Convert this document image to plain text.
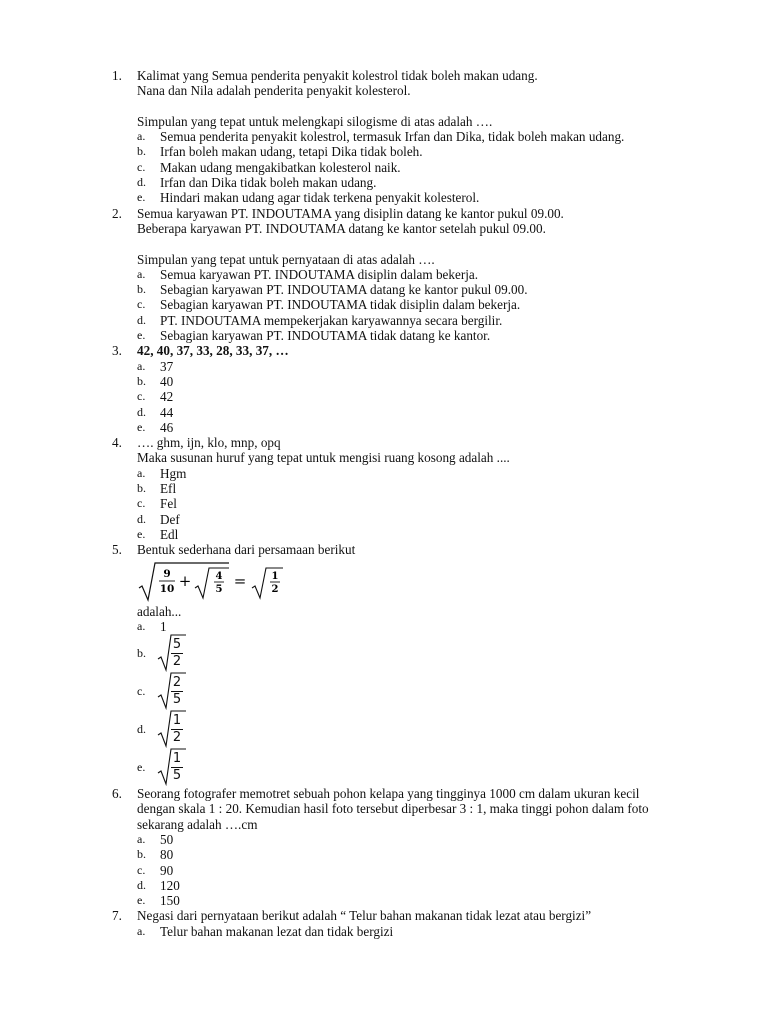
1. Kalimat yang Semua penderita penyakit kolestrol tidak boleh makan udang.
Nana dan Nila adalah penderita penyakit kolesterol.
Simpulan yang tepat untuk melengkapi silogisme di atas adalah ….
a. Semua penderita penyakit kolestrol, termasuk Irfan dan Dika, tidak boleh makan udang.

b. Irfan boleh makan udang, tetapi Dika tidak boleh.

c. Makan udang mengakibatkan kolesterol naik.

d. Irfan dan Dika tidak boleh makan udang.

e. Hindari makan udang agar tidak terkena penyakit kolesterol.

2. Semua karyawan PT. INDOUTAMA yang disiplin datang ke kantor pukul 09.00.
Beberapa karyawan PT. INDOUTAMA datang ke kantor setelah pukul 09.00.
Simpulan yang tepat untuk pernyataan di atas adalah ….
a. Semua karyawan PT. INDOUTAMA disiplin dalam bekerja.

b. Sebagian karyawan PT. INDOUTAMA datang ke kantor pukul 09.00.

c. Sebagian karyawan PT. INDOUTAMA tidak disiplin dalam bekerja.

d. PT. INDOUTAMA mempekerjakan karyawannya secara bergilir.

e. Sebagian karyawan PT. INDOUTAMA tidak datang ke kantor.

3. 42, 40, 37, 33, 28, 33, 37, …
a. 37

b. 40

c. 42

d. 44

e. 46

4. …. ghm, ijn, klo, mnp, opq
Maka susunan huruf yang tepat untuk mengisi ruang kosong adalah ....
a. Hgm

b. Efl

c. Fel

d. Def

e. Edl

5. Bentuk sederhana dari persamaan berikut
9
10 + 4
5 =	1
2
adalah...
a. 1

b.
5
2
c.
2
5
d.
1
2
e.
1
5
6. Seorang fotografer memotret sebuah pohon kelapa yang tingginya 1000 cm dalam ukuran kecil
dengan skala 1 : 20. Kemudian hasil foto tersebut diperbesar 3 : 1, maka tinggi pohon dalam foto
sekarang adalah ….cm
a. 50

b. 80

c. 90

d. 120

e. 150

7. Negasi dari pernyataan berikut adalah “ Telur bahan makanan tidak lezat atau bergizi”
a. Telur bahan makanan lezat dan tidak bergizi
